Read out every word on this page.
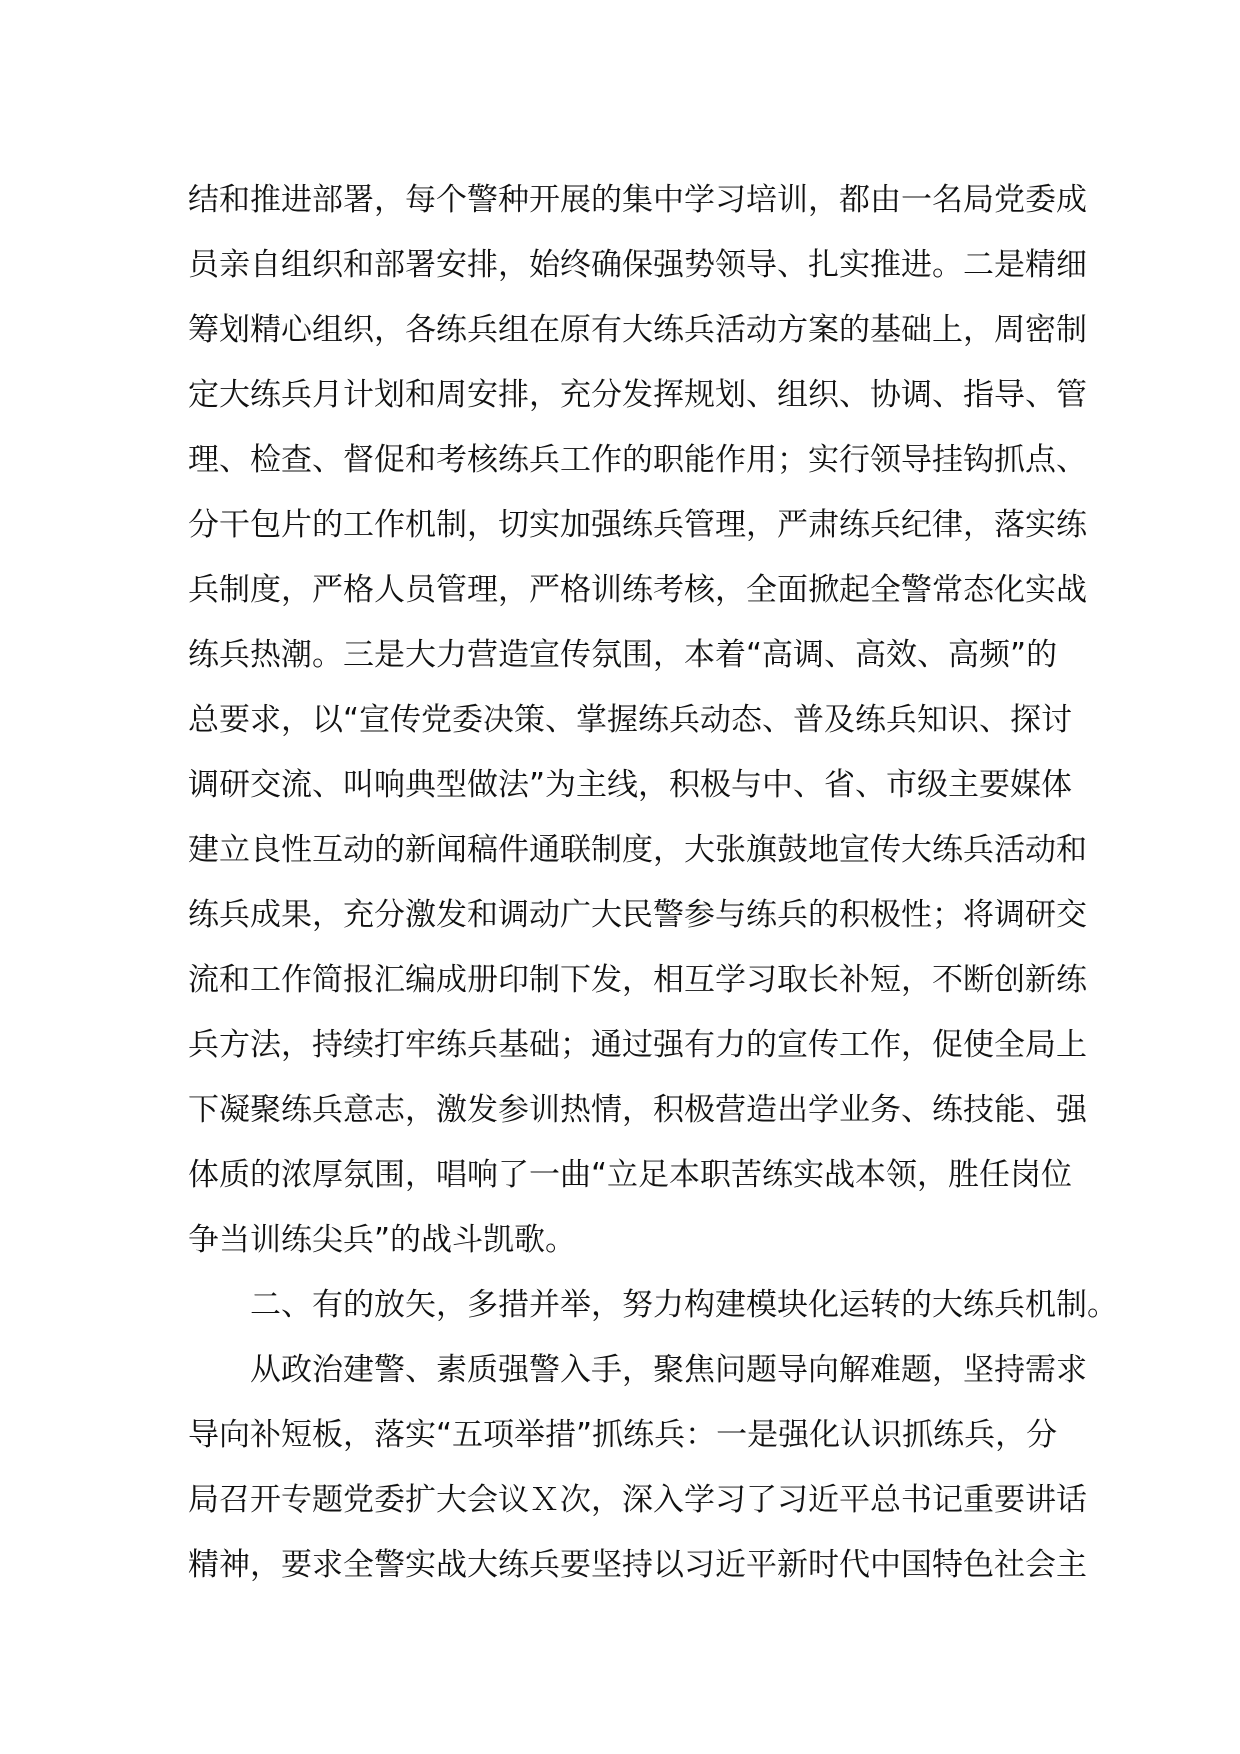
结和推进部署，每个警种开展的集中学习培训，都由一名局党委成
员亲自组织和部署安排，始终确保强势领导、扎实推进。二是精细
筹划精心组织，各练兵组在原有大练兵活动方案的基础上，周密制
定大练兵月计划和周安排，充分发挥规划、组织、协调、指导、管
理、检查、督促和考核练兵工作的职能作用；实行领导挂钩抓点、
分干包片的工作机制，切实加强练兵管理，严肃练兵纪律，落实练
兵制度，严格人员管理，严格训练考核，全面掀起全警常态化实战
练兵热潮。三是大力营造宣传氛围，本着“高调、高效、高频”的
总要求，以“宣传党委决策、掌握练兵动态、普及练兵知识、探讨
调研交流、叫响典型做法”为主线，积极与中、省、市级主要媒体
建立良性互动的新闻稿件通联制度，大张旗鼓地宣传大练兵活动和
练兵成果，充分激发和调动广大民警参与练兵的积极性；将调研交
流和工作简报汇编成册印制下发，相互学习取长补短，不断创新练
兵方法，持续打牢练兵基础；通过强有力的宣传工作，促使全局上
下凝聚练兵意志，激发参训热情，积极营造出学业务、练技能、强
体质的浓厚氛围，唱响了一曲“立足本职苦练实战本领，胜任岗位
争当训练尖兵”的战斗凯歌。
二、有的放矢，多措并举，努力构建模块化运转的大练兵机制。
从政治建警、素质强警入手，聚焦问题导向解难题，坚持需求
导向补短板，落实“五项举措”抓练兵：一是强化认识抓练兵，分
局召开专题党委扩大会议Ｘ次，深入学习了习近平总书记重要讲话
精神，要求全警实战大练兵要坚持以习近平新时代中国特色社会主
